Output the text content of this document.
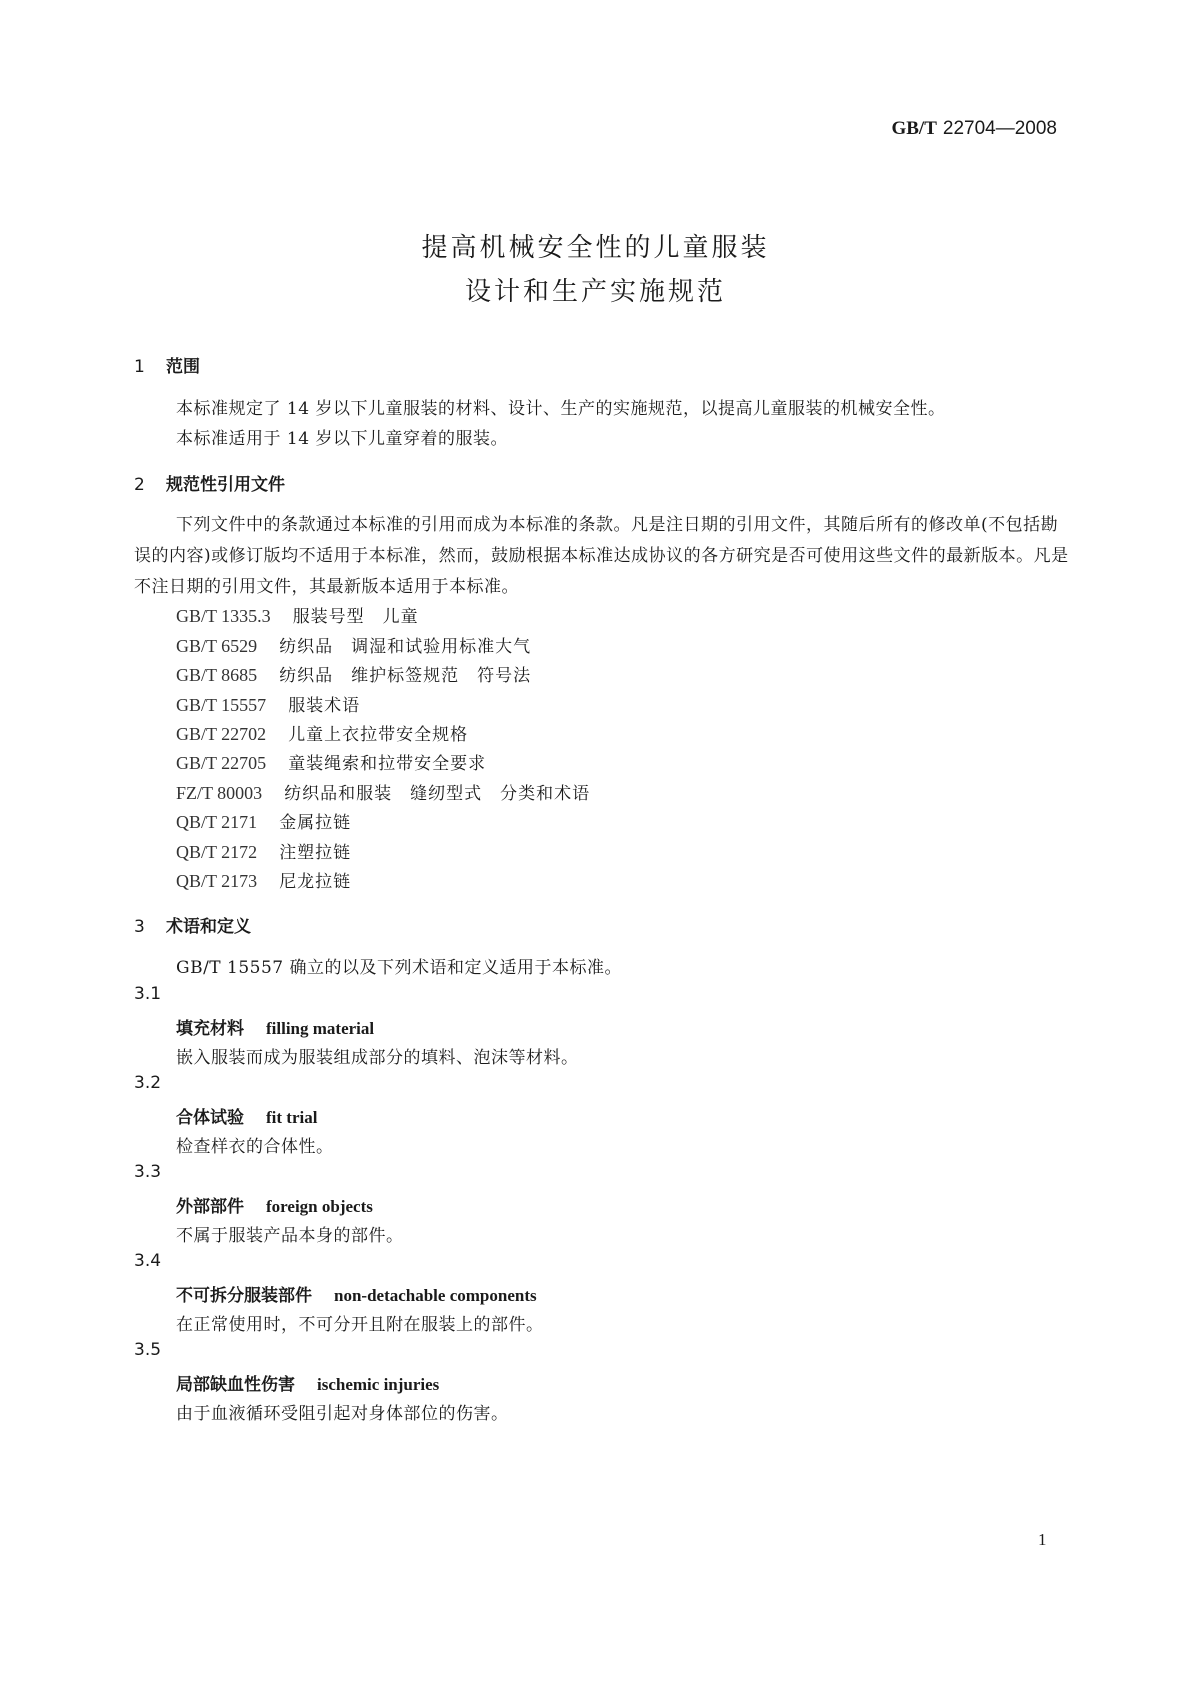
GB/T 22704—2008
提高机械安全性的儿童服装
设计和生产实施规范
1 范围
本标准规定了 14 岁以下儿童服装的材料、设计、生产的实施规范，以提高儿童服装的机械安全性。
本标准适用于 14 岁以下儿童穿着的服装。
2 规范性引用文件
下列文件中的条款通过本标准的引用而成为本标准的条款。凡是注日期的引用文件，其随后所有的修改单(不包括勘误的内容)或修订版均不适用于本标准，然而，鼓励根据本标准达成协议的各方研究是否可使用这些文件的最新版本。凡是不注日期的引用文件，其最新版本适用于本标准。
GB/T 1335.3 服装号型　儿童
GB/T 6529 纺织品　调湿和试验用标准大气
GB/T 8685 纺织品　维护标签规范　符号法
GB/T 15557 服装术语
GB/T 22702 儿童上衣拉带安全规格
GB/T 22705 童装绳索和拉带安全要求
FZ/T 80003 纺织品和服装　缝纫型式　分类和术语
QB/T 2171 金属拉链
QB/T 2172 注塑拉链
QB/T 2173 尼龙拉链
3 术语和定义
GB/T 15557 确立的以及下列术语和定义适用于本标准。
3.1
填充材料 filling material
嵌入服装而成为服装组成部分的填料、泡沫等材料。
3.2
合体试验 fit trial
检查样衣的合体性。
3.3
外部部件 foreign objects
不属于服装产品本身的部件。
3.4
不可拆分服装部件 non-detachable components
在正常使用时，不可分开且附在服装上的部件。
3.5
局部缺血性伤害 ischemic injuries
由于血液循环受阻引起对身体部位的伤害。
1
